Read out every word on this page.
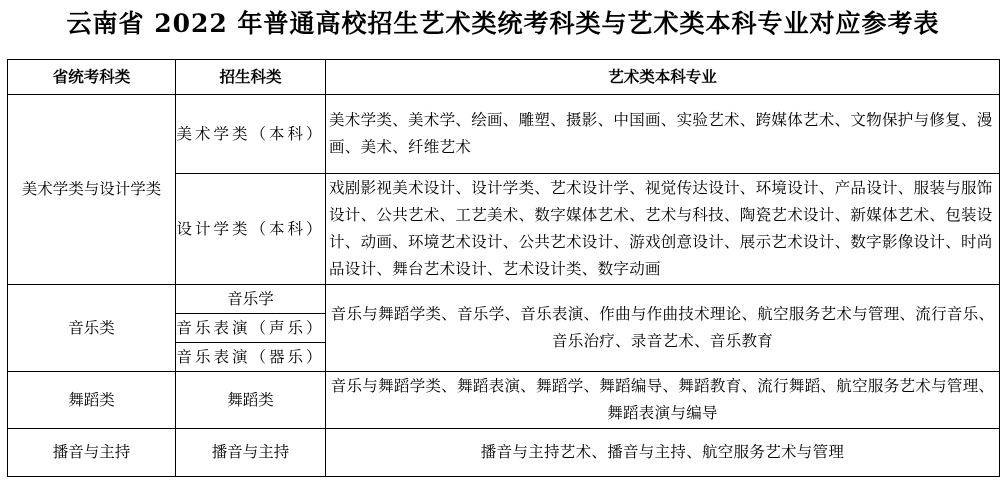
云南省 2022 年普通高校招生艺术类统考科类与艺术类本科专业对应参考表
省统考科类	招生科类	艺术类本科专业
美术学类与设计学类	美术学类（本科）	美术学类、美术学、绘画、雕塑、摄影、中国画、实验艺术、跨媒体艺术、文物保护与修复、漫画、美术、纤维艺术
	设计学类（本科）	戏剧影视美术设计、设计学类、艺术设计学、视觉传达设计、环境设计、产品设计、服装与服饰设计、公共艺术、工艺美术、数字媒体艺术、艺术与科技、陶瓷艺术设计、新媒体艺术、包装设计、动画、环境艺术设计、公共艺术设计、游戏创意设计、展示艺术设计、数字影像设计、时尚品设计、舞台艺术设计、艺术设计类、数字动画
音乐类	音乐学	音乐与舞蹈学类、音乐学、音乐表演、作曲与作曲技术理论、航空服务艺术与管理、流行音乐、音乐治疗、录音艺术、音乐教育
	音乐表演（声乐）	
	音乐表演（器乐）	
舞蹈类	舞蹈类	音乐与舞蹈学类、舞蹈表演、舞蹈学、舞蹈编导、舞蹈教育、流行舞蹈、航空服务艺术与管理、舞蹈表演与编导
播音与主持	播音与主持	播音与主持艺术、播音与主持、航空服务艺术与管理
